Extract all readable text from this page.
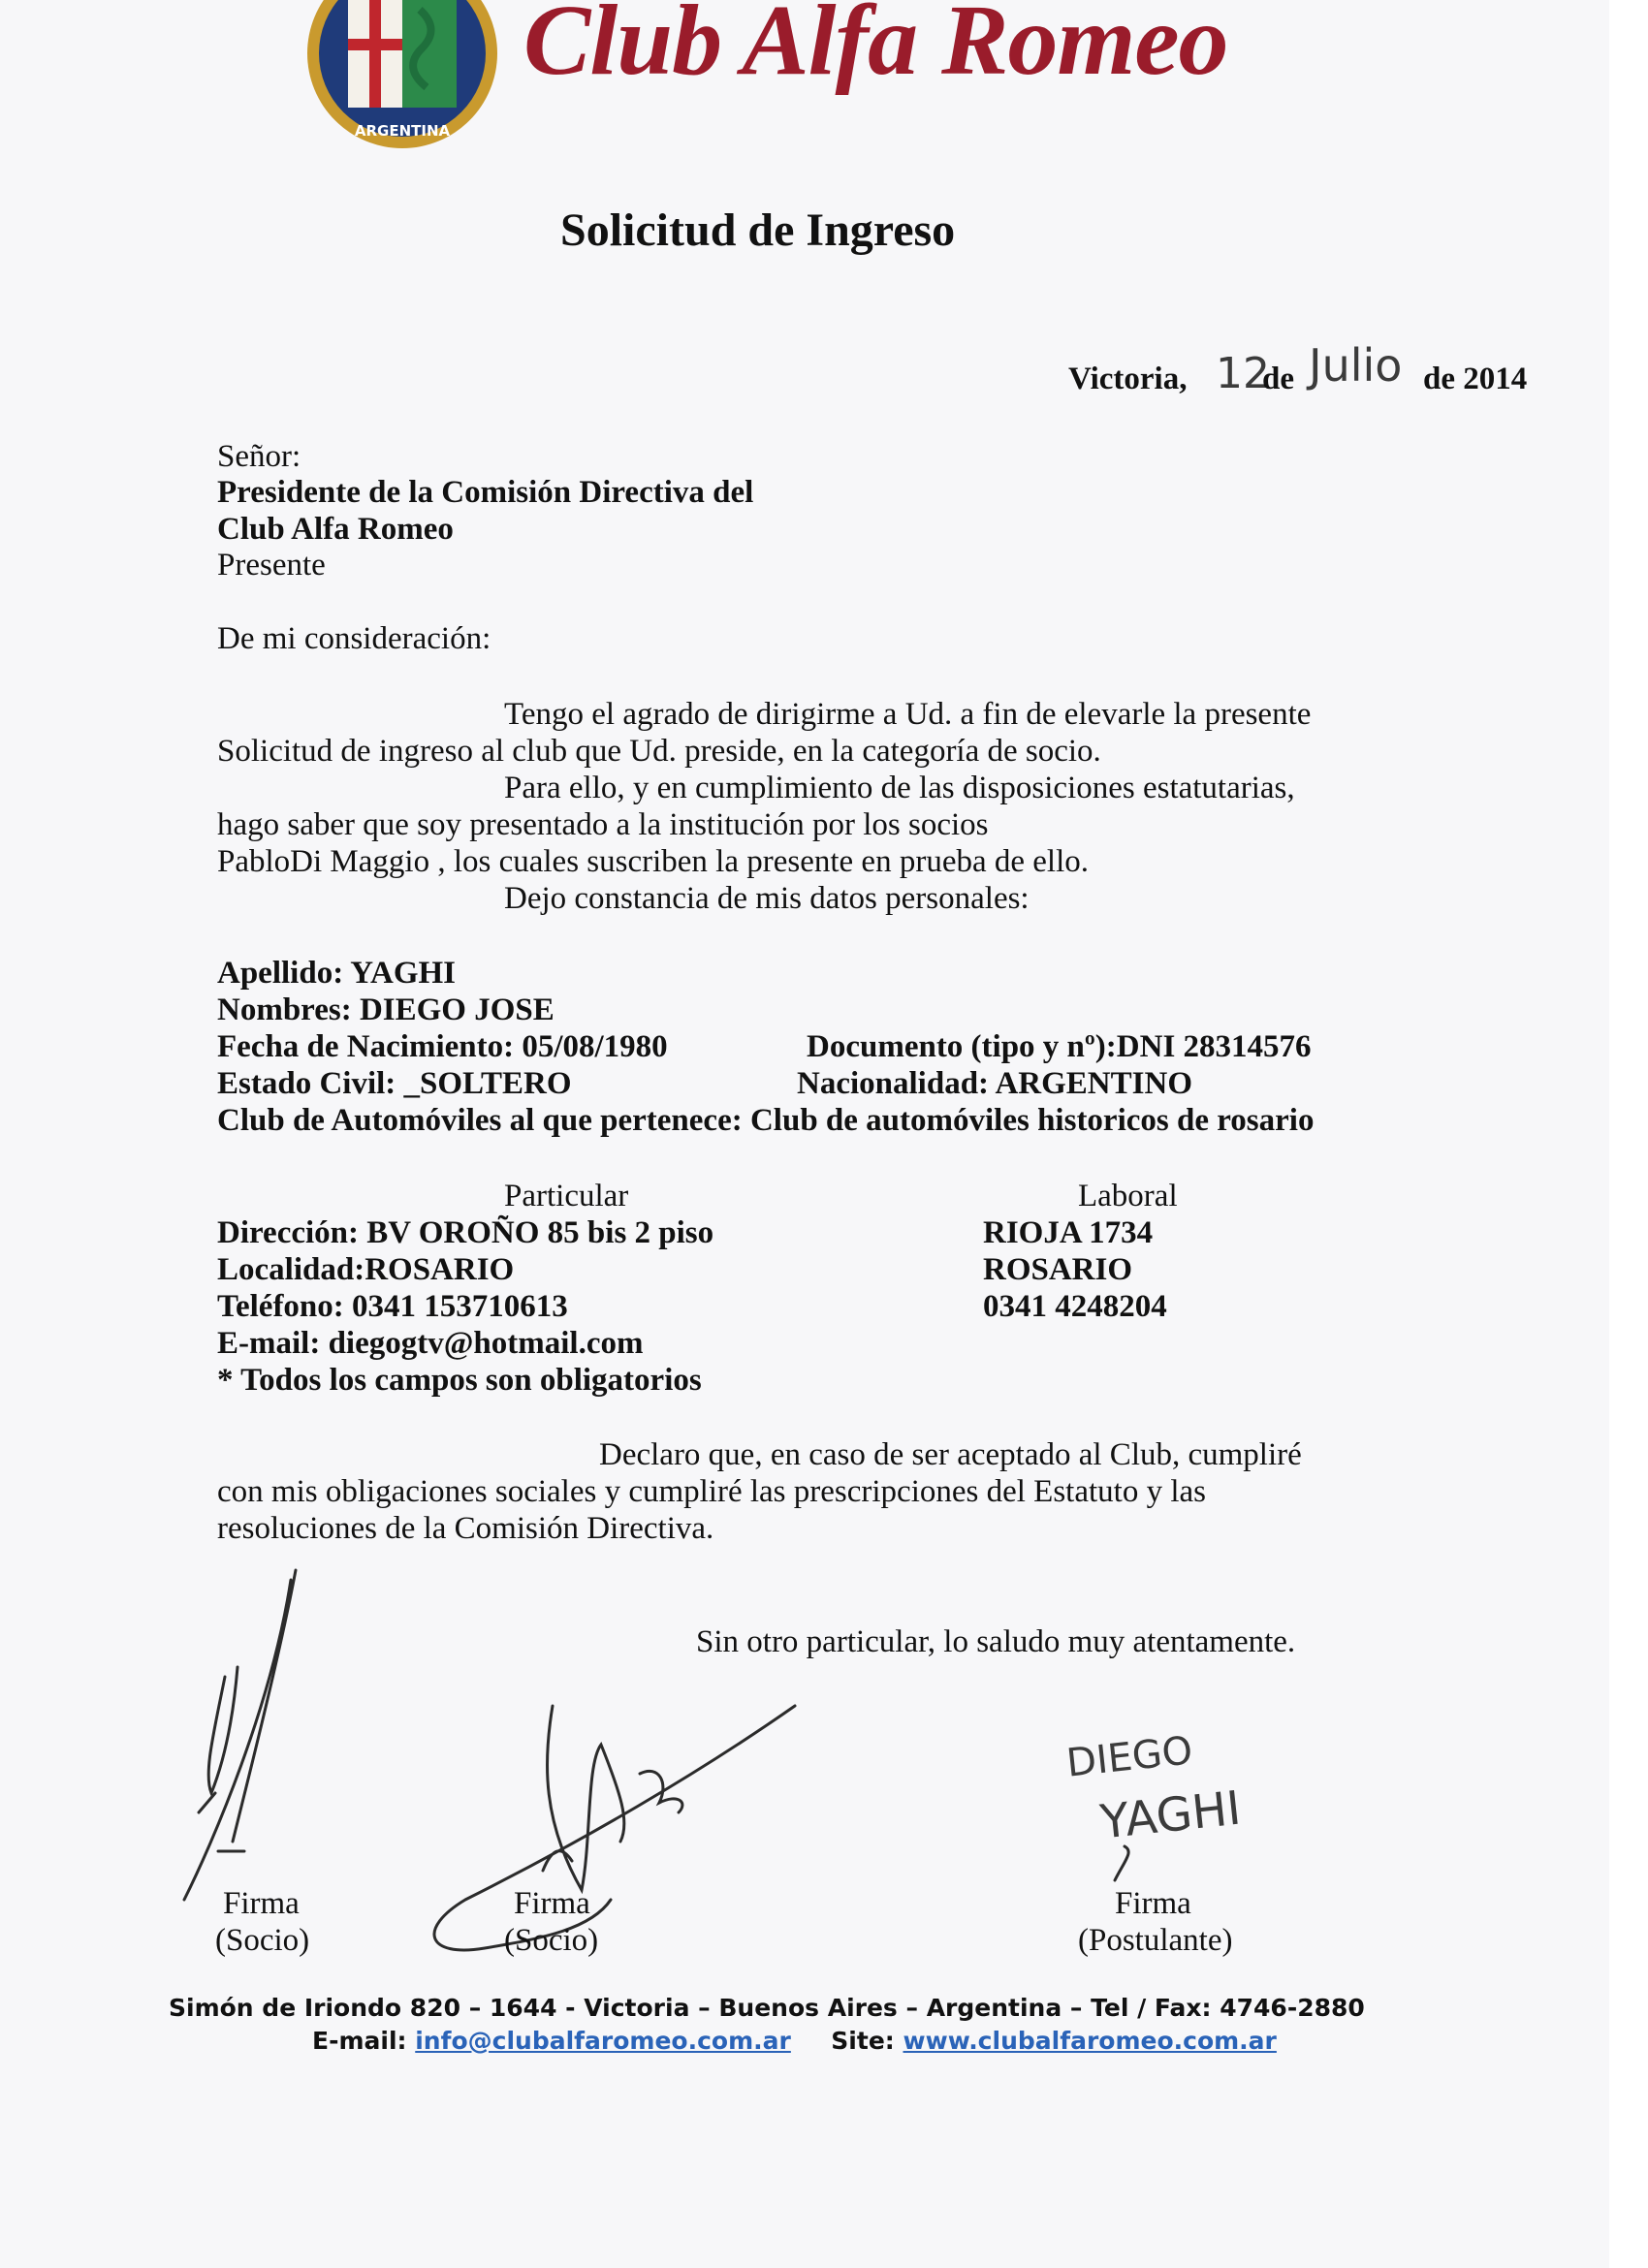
ARGENTINA
Club Alfa Romeo
Solicitud de Ingreso
Victoria, 12
de Julio de 2014
Señor:
Presidente de la Comisión Directiva del
Club Alfa Romeo
Presente
De mi consideración:
Tengo el agrado de dirigirme a Ud. a fin de elevarle la presente
Solicitud de ingreso al club que Ud. preside, en la categoría de socio.
Para ello, y en cumplimiento de las disposiciones estatutarias,
hago saber que soy presentado a la institución por los socios
PabloDi Maggio , los cuales suscriben la presente en prueba de ello.
Dejo constancia de mis datos personales:
Apellido: YAGHI
Nombres: DIEGO JOSE
Fecha de Nacimiento: 05/08/1980	Documento (tipo y nº):DNI 28314576
Estado Civil: _SOLTERO	Nacionalidad: ARGENTINO
Club de Automóviles al que pertenece: Club de automóviles historicos de rosario
Particular	Laboral
Dirección: BV OROÑO 85 bis 2 piso	RIOJA 1734
Localidad:ROSARIO	ROSARIO
Teléfono: 0341 153710613	0341 4248204
E-mail: diegogtv@hotmail.com
* Todos los campos son obligatorios
Declaro que, en caso de ser aceptado al Club, cumpliré
con mis obligaciones sociales y cumpliré las prescripciones del Estatuto y las
resoluciones de la Comisión Directiva.
Sin otro particular, lo saludo muy atentamente.
DIEGO
YAGHI
Firma
(Socio)
Firma
(Socio)
Firma
(Postulante)
Simón de Iriondo 820 – 1644 - Victoria – Buenos Aires – Argentina – Tel / Fax: 4746-2880
E-mail: info@clubalfaromeo.com.ar Site: www.clubalfaromeo.com.ar
